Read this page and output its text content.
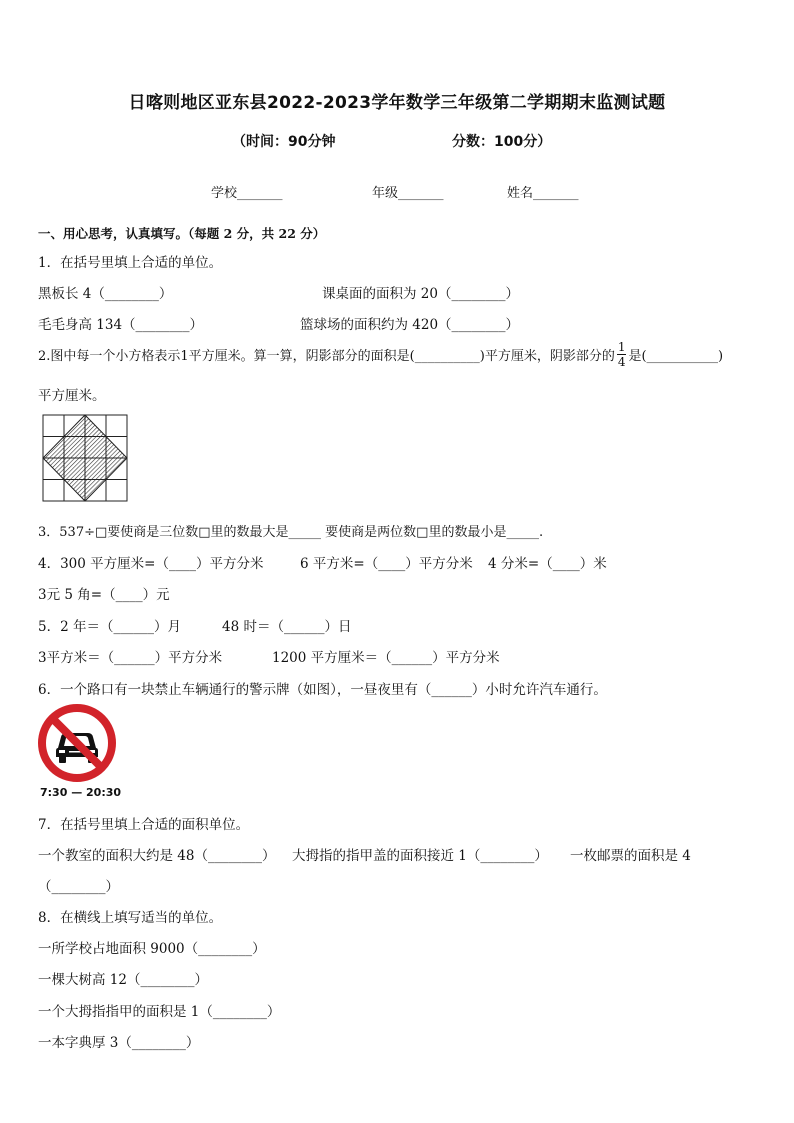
日喀则地区亚东县2022-2023学年数学三年级第二学期期末监测试题
（时间：90分钟	分数：100分）
学校_______	年级_______	姓名_______
一、用心思考，认真填写。（每题 2 分，共 22 分）
1．在括号里填上合适的单位。
黑板长 4（________）	课桌面的面积为 20（________）
毛毛身高 134（________）	篮球场的面积约为 420（________）
2.图中每一个小方格表示1平方厘米。算一算，阴影部分的面积是(__________)平方厘米，阴影部分的 $\frac{1}{4}$ 是(___________)
平方厘米。
3．537÷□要使商是三位数□里的数最大是_____ 要使商是两位数□里的数最小是_____.
4．300 平方厘米=（____）平方分米	6 平方米=（____）平方分米 4 分米=（____）米
3元 5 角=（____）元
5．2 年＝（______）月	48 时＝（______）日
3平方米＝（______）平方分米	1200 平方厘米＝（______）平方分米
6．一个路口有一块禁止车辆通行的警示牌（如图），一昼夜里有（______）小时允许汽车通行。
7:30 — 20:30
7．在括号里填上合适的面积单位。
一个教室的面积大约是 48（________） 大拇指的指甲盖的面积接近 1（________） 一枚邮票的面积是 4
（________）
8．在横线上填写适当的单位。
一所学校占地面积 9000（________）
一棵大树高 12（________）
一个大拇指指甲的面积是 1（________）
一本字典厚 3（________）
